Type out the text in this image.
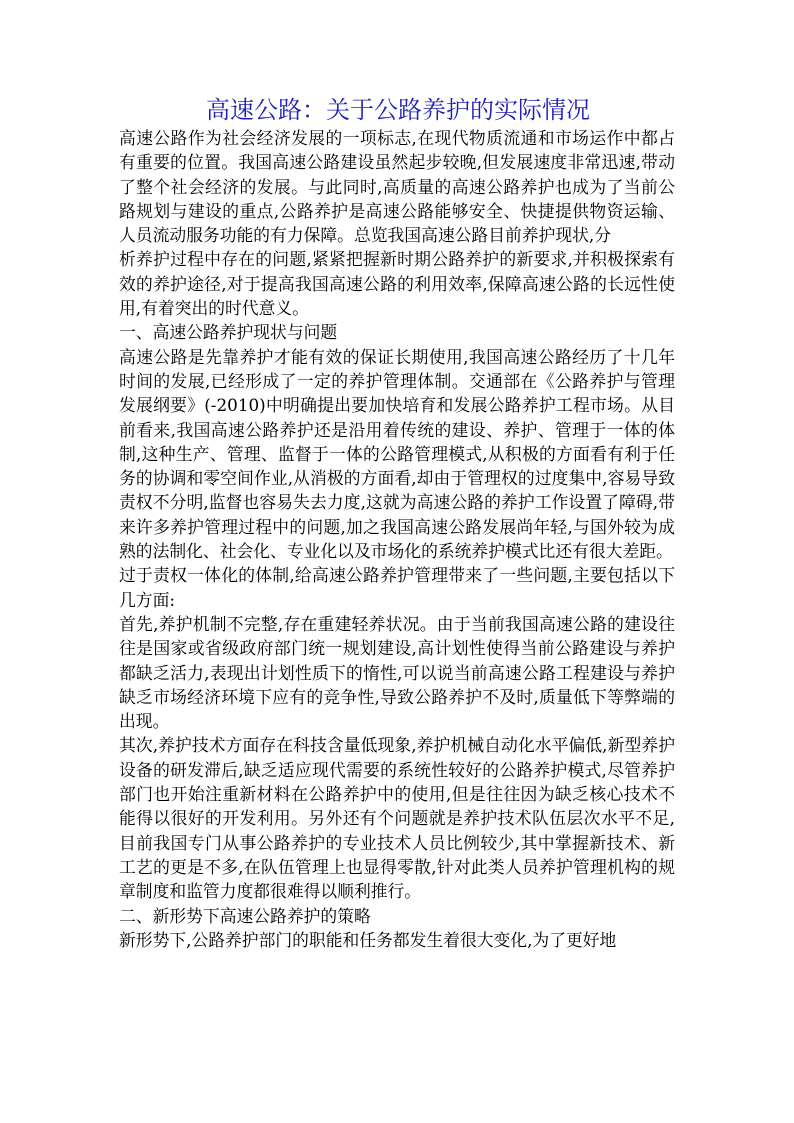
高速公路：关于公路养护的实际情况

高速公路作为社会经济发展的一项标志,在现代物质流通和市场运作中都占有重要的位置。我国高速公路建设虽然起步较晚,但发展速度非常迅速,带动了整个社会经济的发展。与此同时,高质量的高速公路养护也成为了当前公路规划与建设的重点,公路养护是高速公路能够安全、快捷提供物资运输、人员流动服务功能的有力保障。总览我国高速公路目前养护现状,分

析养护过程中存在的问题,紧紧把握新时期公路养护的新要求,并积极探索有效的养护途径,对于提高我国高速公路的利用效率,保障高速公路的长远性使用,有着突出的时代意义。

一、高速公路养护现状与问题

高速公路是先靠养护才能有效的保证长期使用,我国高速公路经历了十几年时间的发展,已经形成了一定的养护管理体制。交通部在《公路养护与管理发展纲要》(-2010)中明确提出要加快培育和发展公路养护工程市场。从目前看来,我国高速公路养护还是沿用着传统的建设、养护、管理于一体的体制,这种生产、管理、监督于一体的公路管理模式,从积极的方面看有利于任务的协调和零空间作业,从消极的方面看,却由于管理权的过度集中,容易导致责权不分明,监督也容易失去力度,这就为高速公路的养护工作设置了障碍,带来许多养护管理过程中的问题,加之我国高速公路发展尚年轻,与国外较为成熟的法制化、社会化、专业化以及市场化的系统养护模式比还有很大差距。

过于责权一体化的体制,给高速公路养护管理带来了一些问题,主要包括以下几方面:

首先,养护机制不完整,存在重建轻养状况。由于当前我国高速公路的建设往往是国家或省级政府部门统一规划建设,高计划性使得当前公路建设与养护都缺乏活力,表现出计划性质下的惰性,可以说当前高速公路工程建设与养护缺乏市场经济环境下应有的竞争性,导致公路养护不及时,质量低下等弊端的出现。

其次,养护技术方面存在科技含量低现象,养护机械自动化水平偏低,新型养护设备的研发滞后,缺乏适应现代需要的系统性较好的公路养护模式,尽管养护部门也开始注重新材料在公路养护中的使用,但是往往因为缺乏核心技术不能得以很好的开发利用。另外还有个问题就是养护技术队伍层次水平不足,目前我国专门从事公路养护的专业技术人员比例较少,其中掌握新技术、新工艺的更是不多,在队伍管理上也显得零散,针对此类人员养护管理机构的规章制度和监管力度都很难得以顺利推行。

二、新形势下高速公路养护的策略

新形势下,公路养护部门的职能和任务都发生着很大变化,为了更好地
